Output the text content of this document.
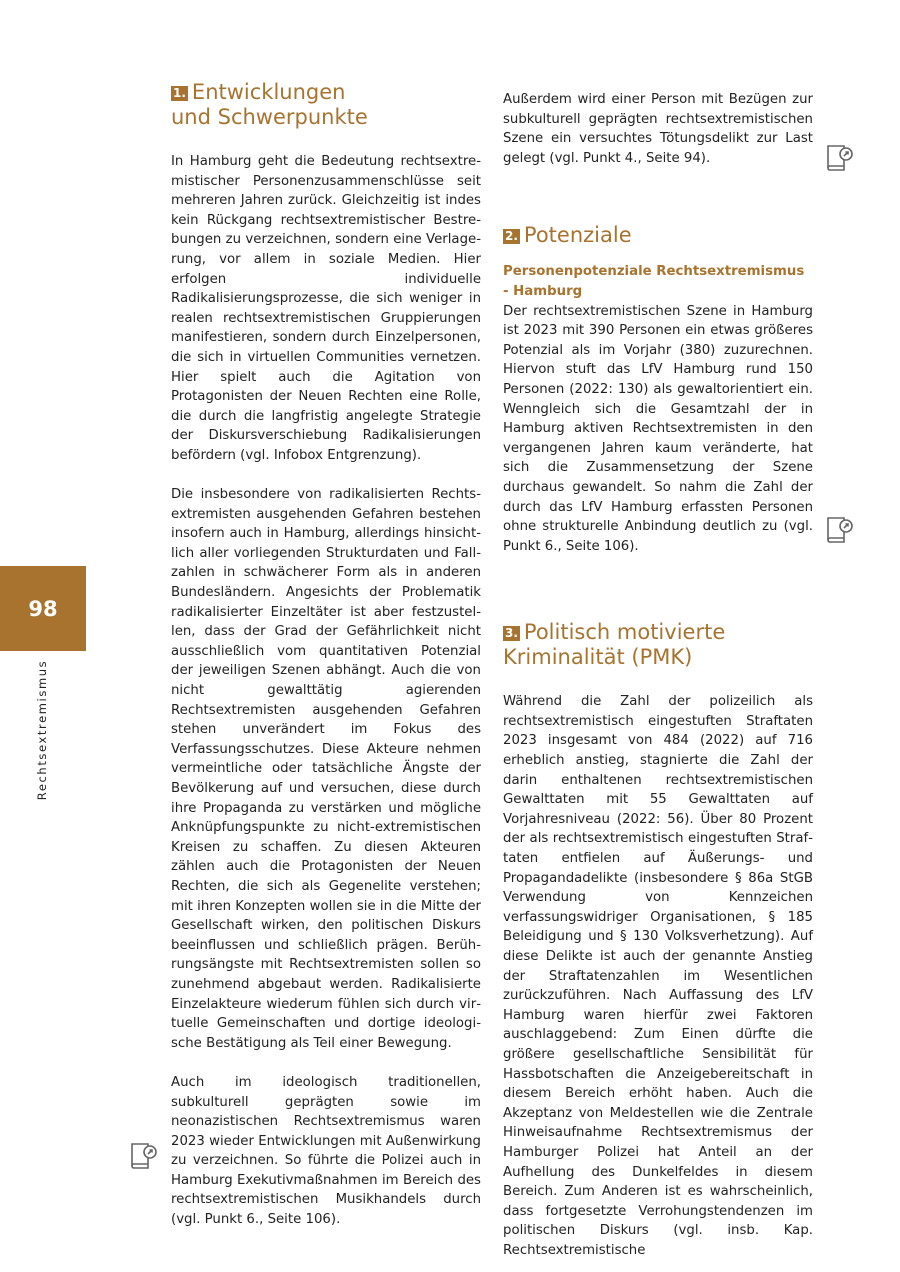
98
Rechtsextremismus
1. Entwicklungen
und Schwerpunkte

In Hamburg geht die Bedeutung rechtsextremistischer Personenzusammenschlüsse seit mehreren Jahren zurück. Gleichzeitig ist indes kein Rückgang rechtsextremistischer Bestrebungen zu verzeichnen, sondern eine Verlagerung, vor allem in soziale Medien. Hier erfolgen individuelle Radikalisierungsprozesse, die sich weniger in realen rechtsextremistischen Gruppierungen manifestieren, sondern durch Einzelpersonen, die sich in virtuellen Communities vernetzen. Hier spielt auch die Agitation von Protagonisten der Neuen Rechten eine Rolle, die durch die langfristig angelegte Strategie der Diskursverschiebung Radikalisierungen befördern (vgl. Infobox Entgrenzung).

Die insbesondere von radikalisierten Rechtsextremisten ausgehenden Gefahren bestehen insofern auch in Hamburg, allerdings hinsichtlich aller vorliegenden Strukturdaten und Fallzahlen in schwächerer Form als in anderen Bundesländern. Angesichts der Problematik radikalisierter Einzeltäter ist aber festzustellen, dass der Grad der Gefährlichkeit nicht ausschließlich vom quantitativen Potenzial der jeweiligen Szenen abhängt. Auch die von nicht gewalttätig agierenden Rechtsextremisten ausgehenden Gefahren stehen unverändert im Fokus des Verfassungsschutzes. Diese Akteure nehmen vermeintliche oder tatsächliche Ängste der Bevölkerung auf und versuchen, diese durch ihre Propaganda zu verstärken und mögliche Anknüpfungspunkte zu nicht-extremistischen Kreisen zu schaffen. Zu diesen Akteuren zählen auch die Protagonisten der Neuen Rechten, die sich als Gegenelite verstehen; mit ihren Konzepten wollen sie in die Mitte der Gesellschaft wirken, den politischen Diskurs beeinflussen und schließlich prägen. Berührungsängste mit Rechtsextremisten sollen so zunehmend abgebaut werden. Radikalisierte Einzelakteure wiederum fühlen sich durch virtuelle Gemeinschaften und dortige ideologische Bestätigung als Teil einer Bewegung.

Auch im ideologisch traditionellen, subkulturell geprägten sowie im neonazistischen Rechtsextremismus waren 2023 wieder Entwicklungen mit Außenwirkung zu verzeichnen. So führte die Polizei auch in Hamburg Exekutivmaßnahmen im Bereich des rechtsextremistischen Musikhandels durch (vgl. Punkt 6., Seite 106).

Außerdem wird einer Person mit Bezügen zur subkulturell geprägten rechtsextremistischen Szene ein versuchtes Tötungsdelikt zur Last gelegt (vgl. Punkt 4., Seite 94).

2. Potenziale

Personenpotenziale Rechtsextremismus - Hamburg

Der rechtsextremistischen Szene in Hamburg ist 2023 mit 390 Personen ein etwas größeres Potenzial als im Vorjahr (380) zuzurechnen. Hiervon stuft das LfV Hamburg rund 150 Personen (2022: 130) als gewaltorientiert ein. Wenngleich sich die Gesamtzahl der in Hamburg aktiven Rechtsextremisten in den vergangenen Jahren kaum veränderte, hat sich die Zusammensetzung der Szene durchaus gewandelt. So nahm die Zahl der durch das LfV Hamburg erfassten Personen ohne strukturelle Anbindung deutlich zu (vgl. Punkt 6., Seite 106).

3. Politisch motivierte
Kriminalität (PMK)

Während die Zahl der polizeilich als rechtsextremistisch eingestuften Straftaten 2023 insgesamt von 484 (2022) auf 716 erheblich anstieg, stagnierte die Zahl der darin enthaltenen rechtsextremistischen Gewalttaten mit 55 Gewalttaten auf Vorjahresniveau (2022: 56). Über 80 Prozent der als rechtsextremistisch eingestuften Straftaten entfielen auf Äußerungs- und Propagandadelikte (insbesondere § 86a StGB Verwendung von Kennzeichen verfassungswidriger Organisationen, § 185 Beleidigung und § 130 Volksverhetzung). Auf diese Delikte ist auch der genannte Anstieg der Straftatenzahlen im Wesentlichen zurückzuführen. Nach Auffassung des LfV Hamburg waren hierfür zwei Faktoren auschlaggebend: Zum Einen dürfte die größere gesellschaftliche Sensibilität für Hassbotschaften die Anzeigebereitschaft in diesem Bereich erhöht haben. Auch die Akzeptanz von Meldestellen wie die Zentrale Hinweisaufnahme Rechtsextremismus der Hamburger Polizei hat Anteil an der Aufhellung des Dunkelfeldes in diesem Bereich. Zum Anderen ist es wahrscheinlich, dass fortgesetzte Verrohungstendenzen im politischen Diskurs (vgl. insb. Kap. Rechtsextremistische
